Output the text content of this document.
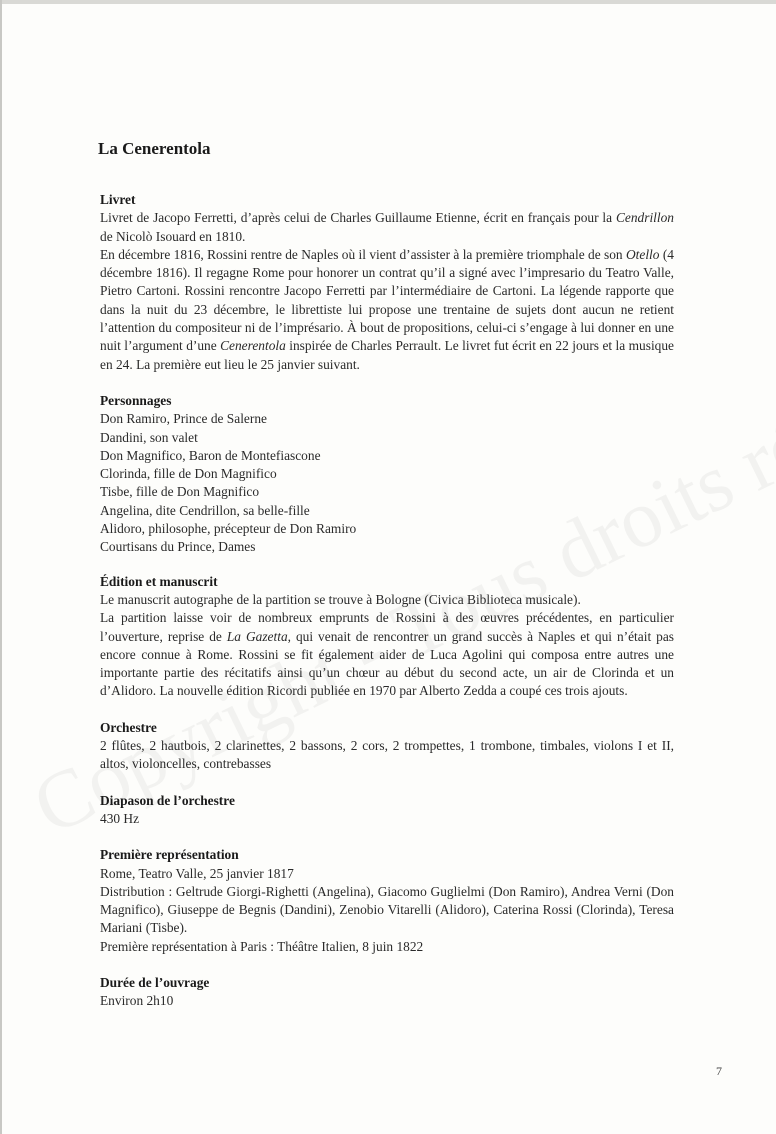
La Cenerentola
Livret

Livret de Jacopo Ferretti, d’après celui de Charles Guillaume Etienne, écrit en français pour la Cendrillon de Nicolò Isouard en 1810.

En décembre 1816, Rossini rentre de Naples où il vient d’assister à la première triomphale de son Otello (4 décembre 1816). Il regagne Rome pour honorer un contrat qu’il a signé avec l’impresario du Teatro Valle, Pietro Cartoni. Rossini rencontre Jacopo Ferretti par l’intermédiaire de Cartoni. La légende rapporte que dans la nuit du 23 décembre, le librettiste lui propose une trentaine de sujets dont aucun ne retient l’attention du compositeur ni de l’imprésario. À bout de propositions, celui-ci s’engage à lui donner en une nuit l’argument d’une Cenerentola inspirée de Charles Perrault. Le livret fut écrit en 22 jours et la musique en 24. La première eut lieu le 25 janvier suivant.

Personnages
Don Ramiro, Prince de Salerne
Dandini, son valet
Don Magnifico, Baron de Montefiascone
Clorinda, fille de Don Magnifico
Tisbe, fille de Don Magnifico
Angelina, dite Cendrillon, sa belle-fille
Alidoro, philosophe, précepteur de Don Ramiro
Courtisans du Prince, Dames
Édition et manuscrit
Le manuscrit autographe de la partition se trouve à Bologne (Civica Biblioteca musicale).

La partition laisse voir de nombreux emprunts de Rossini à des œuvres précédentes, en particulier l’ouverture, reprise de La Gazetta, qui venait de rencontrer un grand succès à Naples et qui n’était pas encore connue à Rome. Rossini se fit également aider de Luca Agolini qui composa entre autres une importante partie des récitatifs ainsi qu’un chœur au début du second acte, un air de Clorinda et un d’Alidoro. La nouvelle édition Ricordi publiée en 1970 par Alberto Zedda a coupé ces trois ajouts.

Orchestre

2 flûtes, 2 hautbois, 2 clarinettes, 2 bassons, 2 cors, 2 trompettes, 1 trombone, timbales, violons I et II, altos, violoncelles, contrebasses

Diapason de l’orchestre

430 Hz

Première représentation
Rome, Teatro Valle, 25 janvier 1817

Distribution : Geltrude Giorgi-Righetti (Angelina), Giacomo Guglielmi (Don Ramiro), Andrea Verni (Don Magnifico), Giuseppe de Begnis (Dandini), Zenobio Vitarelli (Alidoro), Caterina Rossi (Clorinda), Teresa Mariani (Tisbe).

Première représentation à Paris : Théâtre Italien, 8 juin 1822
Durée de l’ouvrage

Environ 2h10

7
